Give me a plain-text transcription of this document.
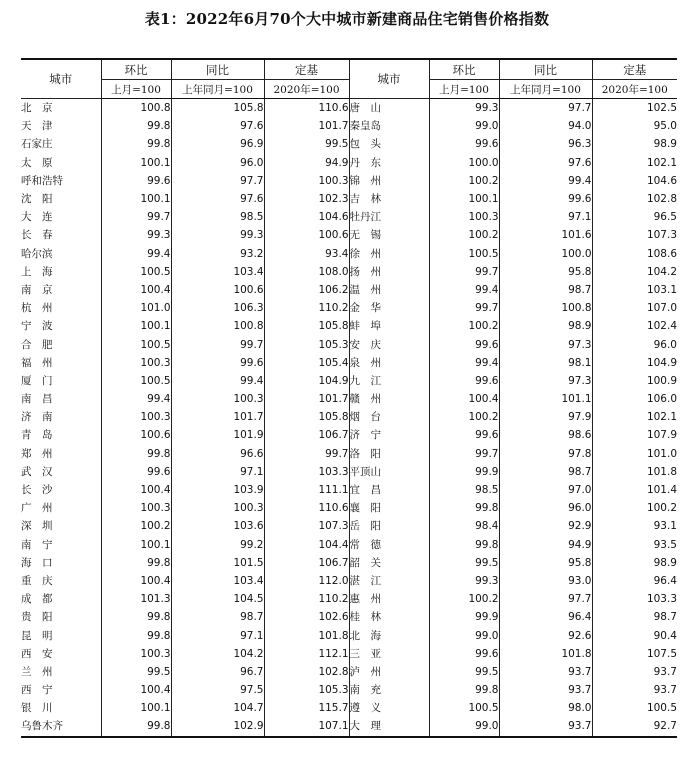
表1：2022年6月70个大中城市新建商品住宅销售价格指数
城市	环比	同比	定基	城市	环比	同比	定基
	上月=100	上年同月=100	2020年=100		上月=100	上年同月=100	2020年=100
北　京	100.8	105.8	110.6	唐　山	99.3	97.7	102.5
天　津	99.8	97.6	101.7	秦皇岛	99.0	94.0	95.0
石家庄	99.8	96.9	99.5	包　头	99.6	96.3	98.9
太　原	100.1	96.0	94.9	丹　东	100.0	97.6	102.1
呼和浩特	99.6	97.7	100.3	锦　州	100.2	99.4	104.6
沈　阳	100.1	97.6	102.3	吉　林	100.1	99.6	102.8
大　连	99.7	98.5	104.6	牡丹江	100.3	97.1	96.5
长　春	99.3	99.3	100.6	无　锡	100.2	101.6	107.3
哈尔滨	99.4	93.2	93.4	徐　州	100.5	100.0	108.6
上　海	100.5	103.4	108.0	扬　州	99.7	95.8	104.2
南　京	100.4	100.6	106.2	温　州	99.4	98.7	103.1
杭　州	101.0	106.3	110.2	金　华	99.7	100.8	107.0
宁　波	100.1	100.8	105.8	蚌　埠	100.2	98.9	102.4
合　肥	100.5	99.7	105.3	安　庆	99.6	97.3	96.0
福　州	100.3	99.6	105.4	泉　州	99.4	98.1	104.9
厦　门	100.5	99.4	104.9	九　江	99.6	97.3	100.9
南　昌	99.4	100.3	101.7	赣　州	100.4	101.1	106.0
济　南	100.3	101.7	105.8	烟　台	100.2	97.9	102.1
青　岛	100.6	101.9	106.7	济　宁	99.6	98.6	107.9
郑　州	99.8	96.6	99.7	洛　阳	99.7	97.8	101.0
武　汉	99.6	97.1	103.3	平顶山	99.9	98.7	101.8
长　沙	100.4	103.9	111.1	宜　昌	98.5	97.0	101.4
广　州	100.3	100.3	110.6	襄　阳	99.8	96.0	100.2
深　圳	100.2	103.6	107.3	岳　阳	98.4	92.9	93.1
南　宁	100.1	99.2	104.4	常　德	99.8	94.9	93.5
海　口	99.8	101.5	106.7	韶　关	99.5	95.8	98.9
重　庆	100.4	103.4	112.0	湛　江	99.3	93.0	96.4
成　都	101.3	104.5	110.2	惠　州	100.2	97.7	103.3
贵　阳	99.8	98.7	102.6	桂　林	99.9	96.4	98.7
昆　明	99.8	97.1	101.8	北　海	99.0	92.6	90.4
西　安	100.3	104.2	112.1	三　亚	99.6	101.8	107.5
兰　州	99.5	96.7	102.8	泸　州	99.5	93.7	93.7
西　宁	100.4	97.5	105.3	南　充	99.8	93.7	93.7
银　川	100.1	104.7	115.7	遵　义	100.5	98.0	100.5
乌鲁木齐	99.8	102.9	107.1	大　理	99.0	93.7	92.7
